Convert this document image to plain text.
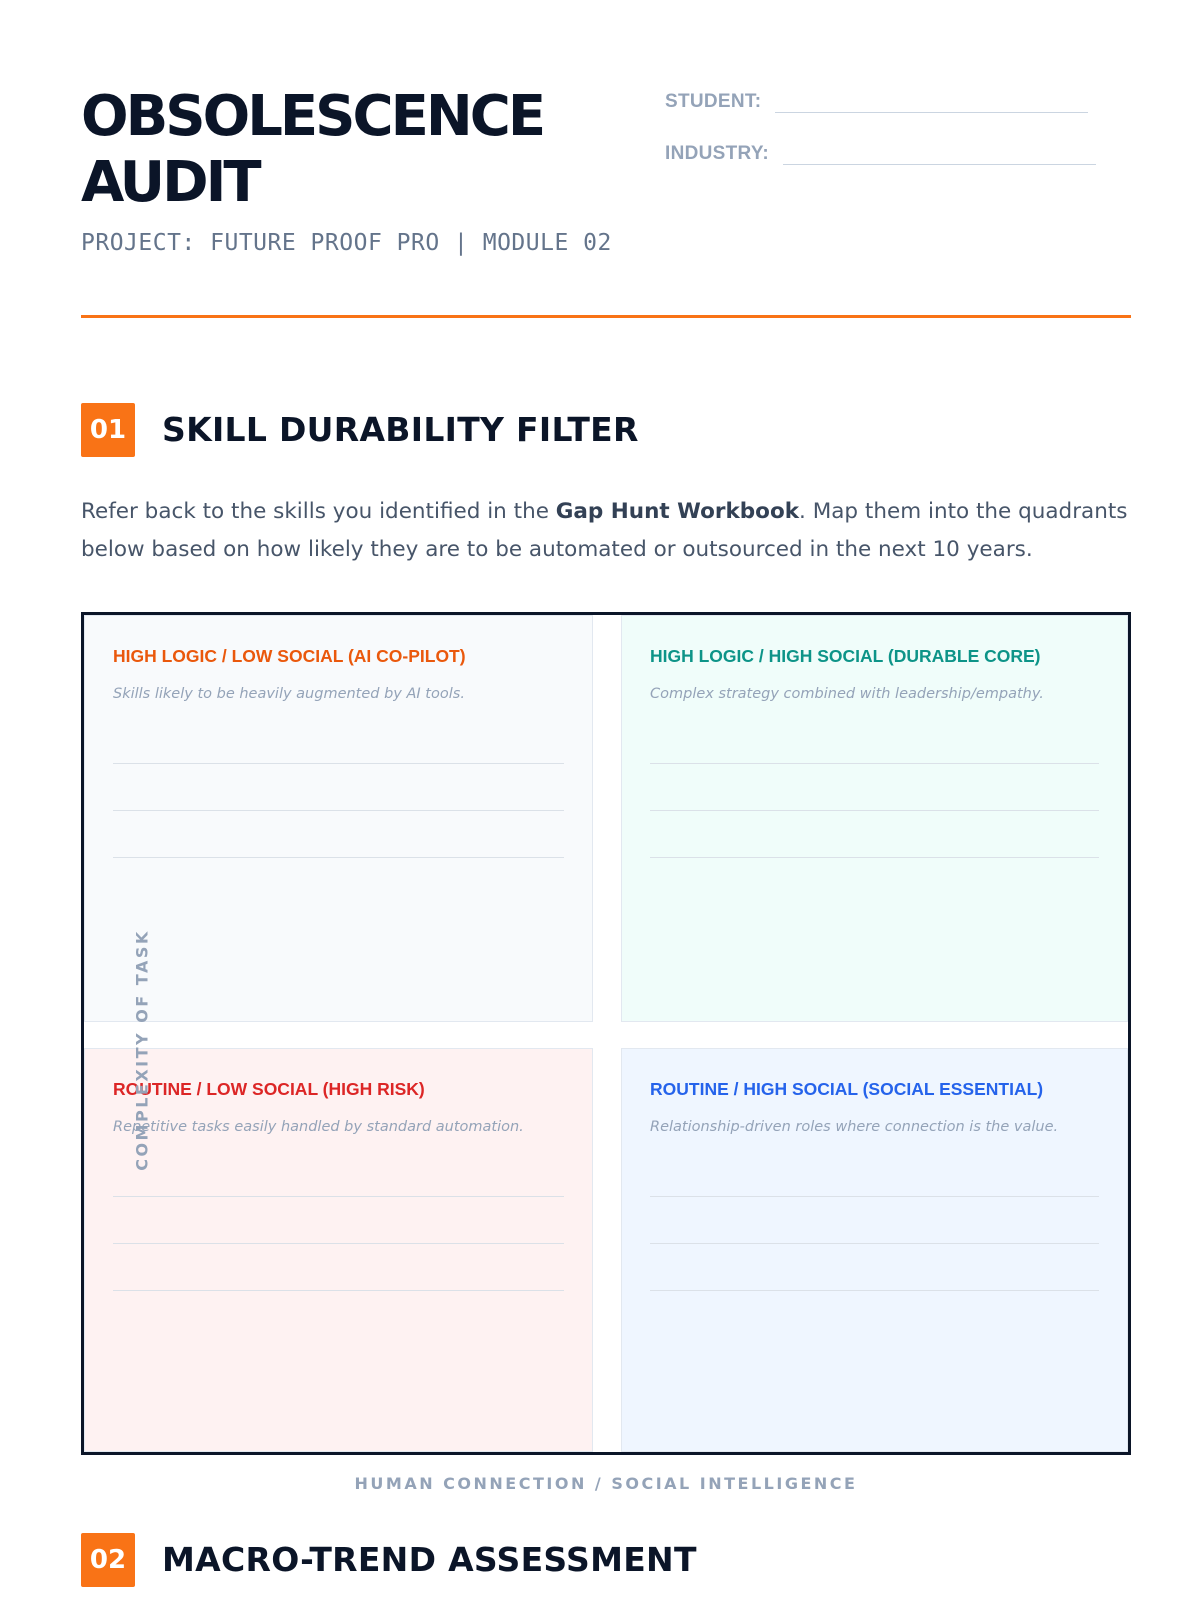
OBSOLESCENCE
AUDIT
PROJECT: FUTURE PROOF PRO | MODULE 02
STUDENT:
INDUSTRY:
01 SKILL DURABILITY FILTER
Refer back to the skills you identified in the Gap Hunt Workbook. Map them into the quadrants below based on how likely they are to be automated or outsourced in the next 10 years.
HIGH LOGIC / LOW SOCIAL (AI CO-PILOT)
Skills likely to be heavily augmented by AI tools.
HIGH LOGIC / HIGH SOCIAL (DURABLE CORE)
Complex strategy combined with leadership/empathy.
ROUTINE / LOW SOCIAL (HIGH RISK)
Repetitive tasks easily handled by standard automation.
ROUTINE / HIGH SOCIAL (SOCIAL ESSENTIAL)
Relationship-driven roles where connection is the value.
COMPLEXITY OF TASK
HUMAN CONNECTION / SOCIAL INTELLIGENCE
02 MACRO-TREND ASSESSMENT
